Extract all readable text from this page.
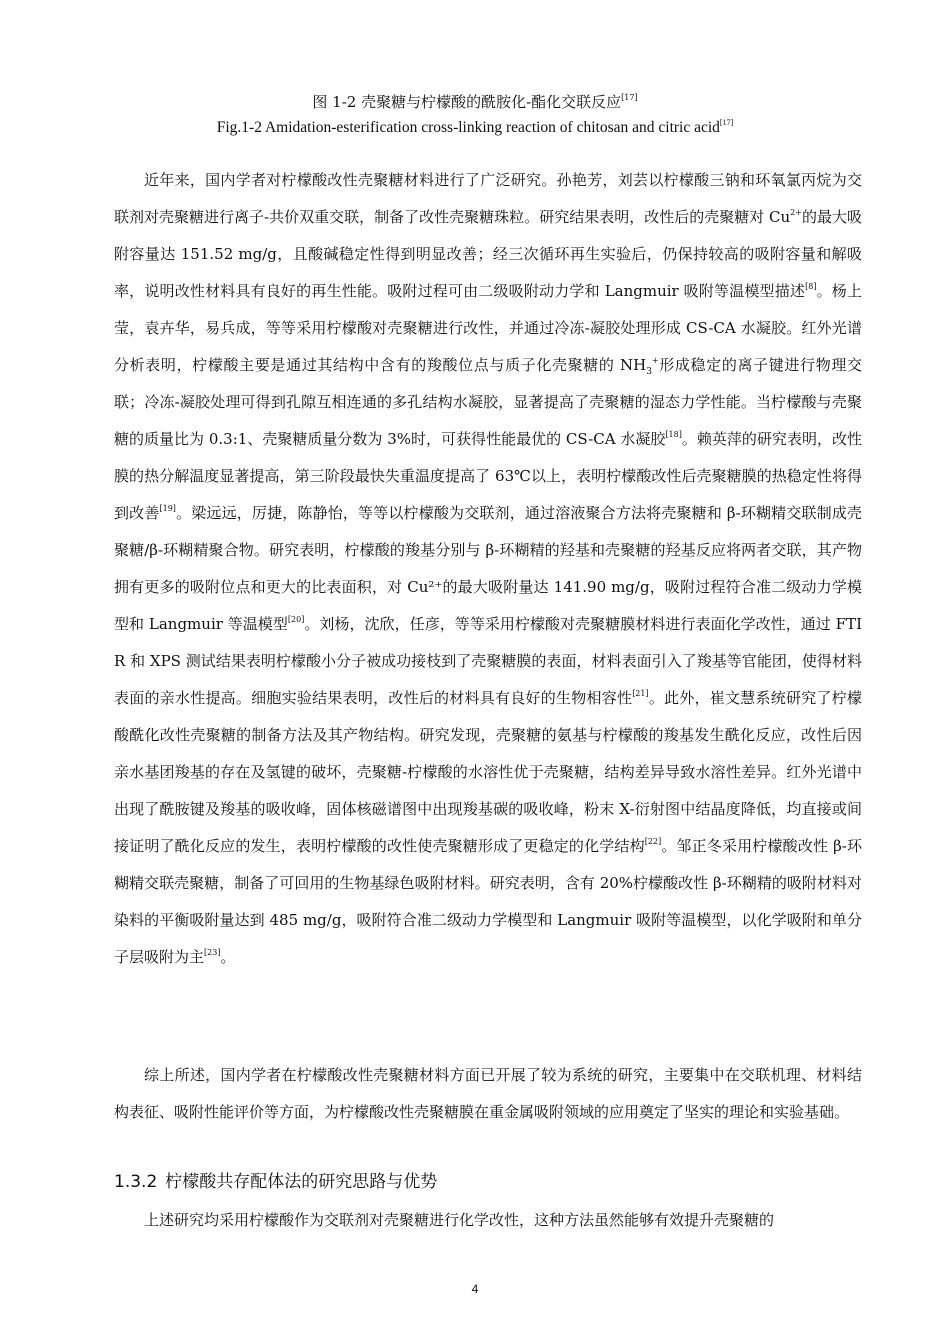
图 1-2 壳聚糖与柠檬酸的酰胺化-酯化交联反应[17]
Fig.1-2 Amidation-esterification cross-linking reaction of chitosan and citric acid[17]

近年来，国内学者对柠檬酸改性壳聚糖材料进行了广泛研究。孙艳芳，刘芸以柠檬酸三钠和环氧氯丙烷为交联剂对壳聚糖进行离子-共价双重交联，制备了改性壳聚糖珠粒。研究结果表明，改性后的壳聚糖对 $Cu^{2+}$的最大吸附容量达 151.52 mg/g，且酸碱稳定性得到明显改善；经三次循环再生实验后，仍保持较高的吸附容量和解吸率，说明改性材料具有良好的再生性能。吸附过程可由二级吸附动力学和 Langmuir 吸附等温模型描述[8]。杨上莹，袁卉华，易兵成，等等采用柠檬酸对壳聚糖进行改性，并通过冷冻-凝胶处理形成 CS-CA 水凝胶。红外光谱分析表明，柠檬酸主要是通过其结构中含有的羧酸位点与质子化壳聚糖的 $NH_3^+$形成稳定的离子键进行物理交联；冷冻-凝胶处理可得到孔隙互相连通的多孔结构水凝胶，显著提高了壳聚糖的湿态力学性能。当柠檬酸与壳聚糖的质量比为 0.3:1、壳聚糖质量分数为 3%时，可获得性能最优的 CS-CA 水凝胶[18]。赖英萍的研究表明，改性膜的热分解温度显著提高，第三阶段最快失重温度提高了 63℃以上，表明柠檬酸改性后壳聚糖膜的热稳定性将得到改善[19]。梁远远，厉捷，陈静怡，等等以柠檬酸为交联剂，通过溶液聚合方法将壳聚糖和 β-环糊精交联制成壳聚糖/β-环糊精聚合物。研究表明，柠檬酸的羧基分别与 β-环糊精的羟基和壳聚糖的羟基反应将两者交联，其产物拥有更多的吸附位点和更大的比表面积，对 Cu²⁺的最大吸附量达 141.90 mg/g，吸附过程符合准二级动力学模型和 Langmuir 等温模型[20]。刘杨，沈欣，任彦，等等采用柠檬酸对壳聚糖膜材料进行表面化学改性，通过 FTIR 和 XPS 测试结果表明柠檬酸小分子被成功接枝到了壳聚糖膜的表面，材料表面引入了羧基等官能团，使得材料表面的亲水性提高。细胞实验结果表明，改性后的材料具有良好的生物相容性[21]。此外，崔文慧系统研究了柠檬酸酰化改性壳聚糖的制备方法及其产物结构。研究发现，壳聚糖的氨基与柠檬酸的羧基发生酰化反应，改性后因亲水基团羧基的存在及氢键的破坏，壳聚糖-柠檬酸的水溶性优于壳聚糖，结构差异导致水溶性差异。红外光谱中出现了酰胺键及羧基的吸收峰，固体核磁谱图中出现羧基碳的吸收峰，粉末 X-衍射图中结晶度降低，均直接或间接证明了酰化反应的发生，表明柠檬酸的改性使壳聚糖形成了更稳定的化学结构[22]。邹正冬采用柠檬酸改性 β-环糊精交联壳聚糖，制备了可回用的生物基绿色吸附材料。研究表明，含有 20%柠檬酸改性 β-环糊精的吸附材料对染料的平衡吸附量达到 485 mg/g，吸附符合准二级动力学模型和 Langmuir 吸附等温模型，以化学吸附和单分子层吸附为主[23]。

综上所述，国内学者在柠檬酸改性壳聚糖材料方面已开展了较为系统的研究，主要集中在交联机理、材料结构表征、吸附性能评价等方面，为柠檬酸改性壳聚糖膜在重金属吸附领域的应用奠定了坚实的理论和实验基础。

1.3.2 柠檬酸共存配体法的研究思路与优势

上述研究均采用柠檬酸作为交联剂对壳聚糖进行化学改性，这种方法虽然能够有效提升壳聚糖的

4
